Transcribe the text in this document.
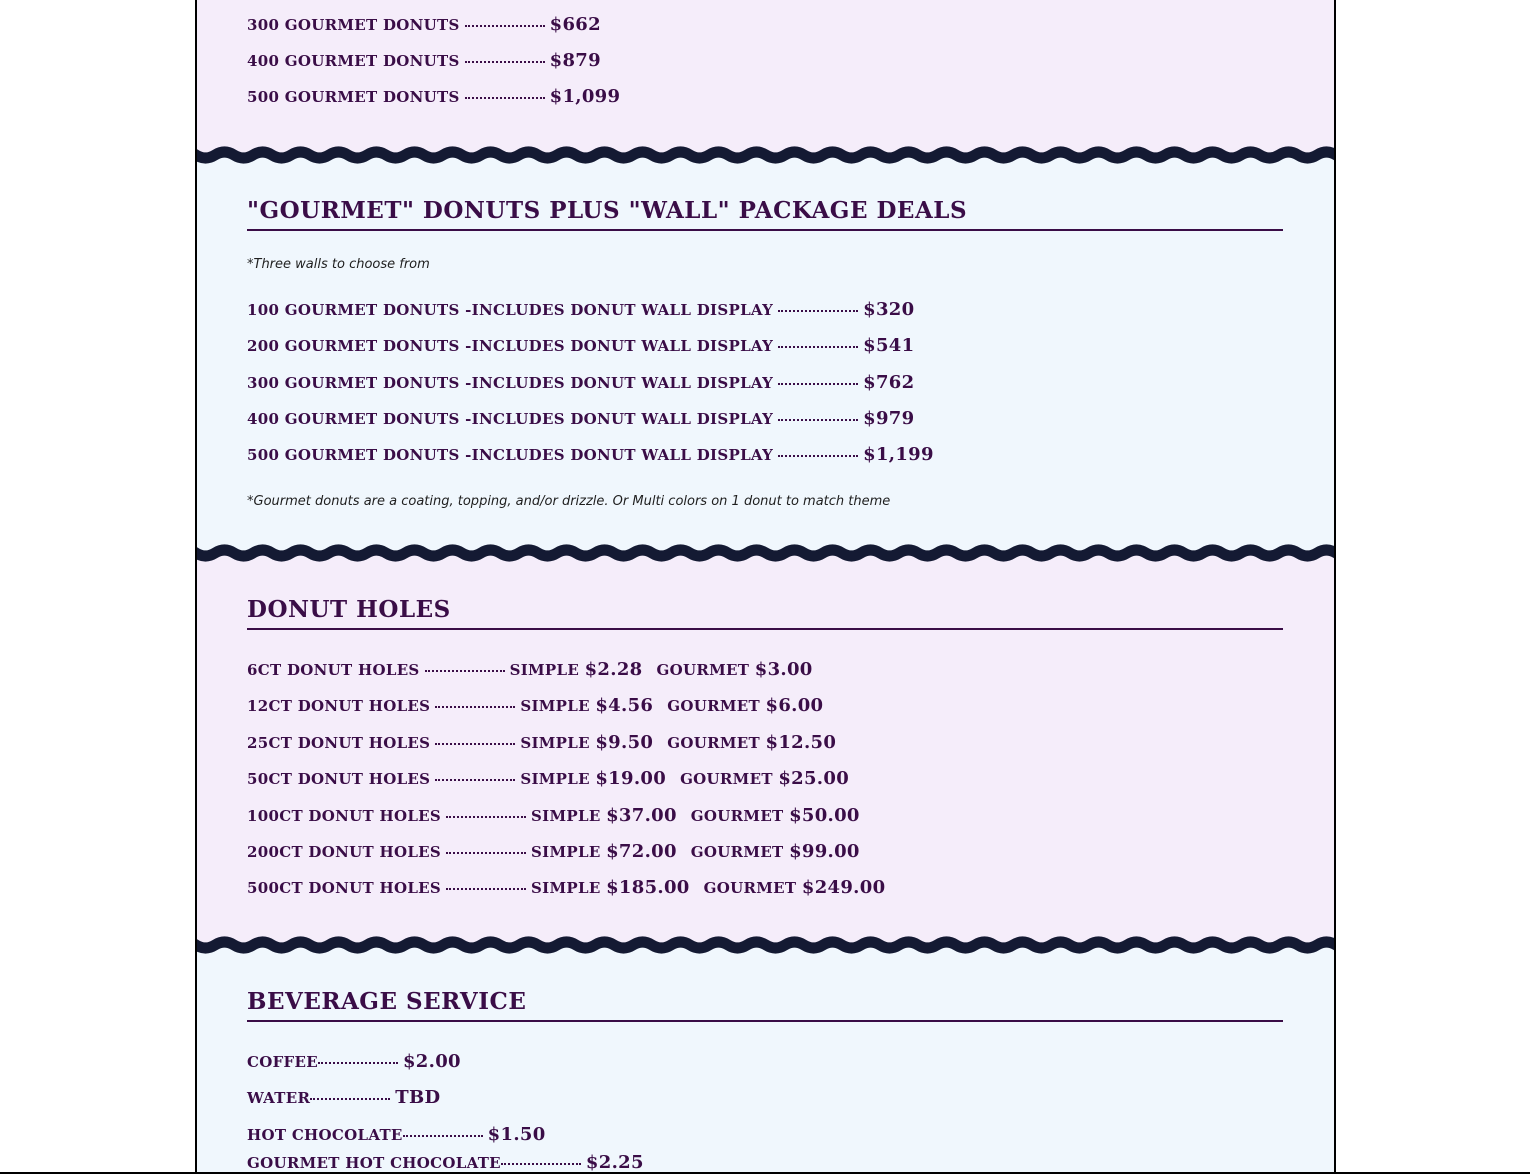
300 GOURMET DONUTS	$662
400 GOURMET DONUTS	$879
500 GOURMET DONUTS	$1,099
"GOURMET" DONUTS PLUS "WALL" PACKAGE DEALS
*Three walls to choose from
100 GOURMET DONUTS -INCLUDES DONUT WALL DISPLAY	$320
200 GOURMET DONUTS -INCLUDES DONUT WALL DISPLAY	$541
300 GOURMET DONUTS -INCLUDES DONUT WALL DISPLAY	$762
400 GOURMET DONUTS -INCLUDES DONUT WALL DISPLAY	$979
500 GOURMET DONUTS -INCLUDES DONUT WALL DISPLAY	$1,199
*Gourmet donuts are a coating, topping, and/or drizzle. Or Multi colors on 1 donut to match theme
DONUT HOLES
6CT DONUT HOLES	SIMPLE $2.28 GOURMET $3.00
12CT DONUT HOLES	SIMPLE $4.56 GOURMET $6.00
25CT DONUT HOLES	SIMPLE $9.50 GOURMET $12.50
50CT DONUT HOLES	SIMPLE $19.00 GOURMET $25.00
100CT DONUT HOLES	SIMPLE $37.00 GOURMET $50.00
200CT DONUT HOLES	SIMPLE $72.00 GOURMET $99.00
500CT DONUT HOLES	SIMPLE $185.00 GOURMET $249.00
BEVERAGE SERVICE
COFFEE	$2.00
WATER	TBD
HOT CHOCOLATE	$1.50
GOURMET HOT CHOCOLATE	$2.25
